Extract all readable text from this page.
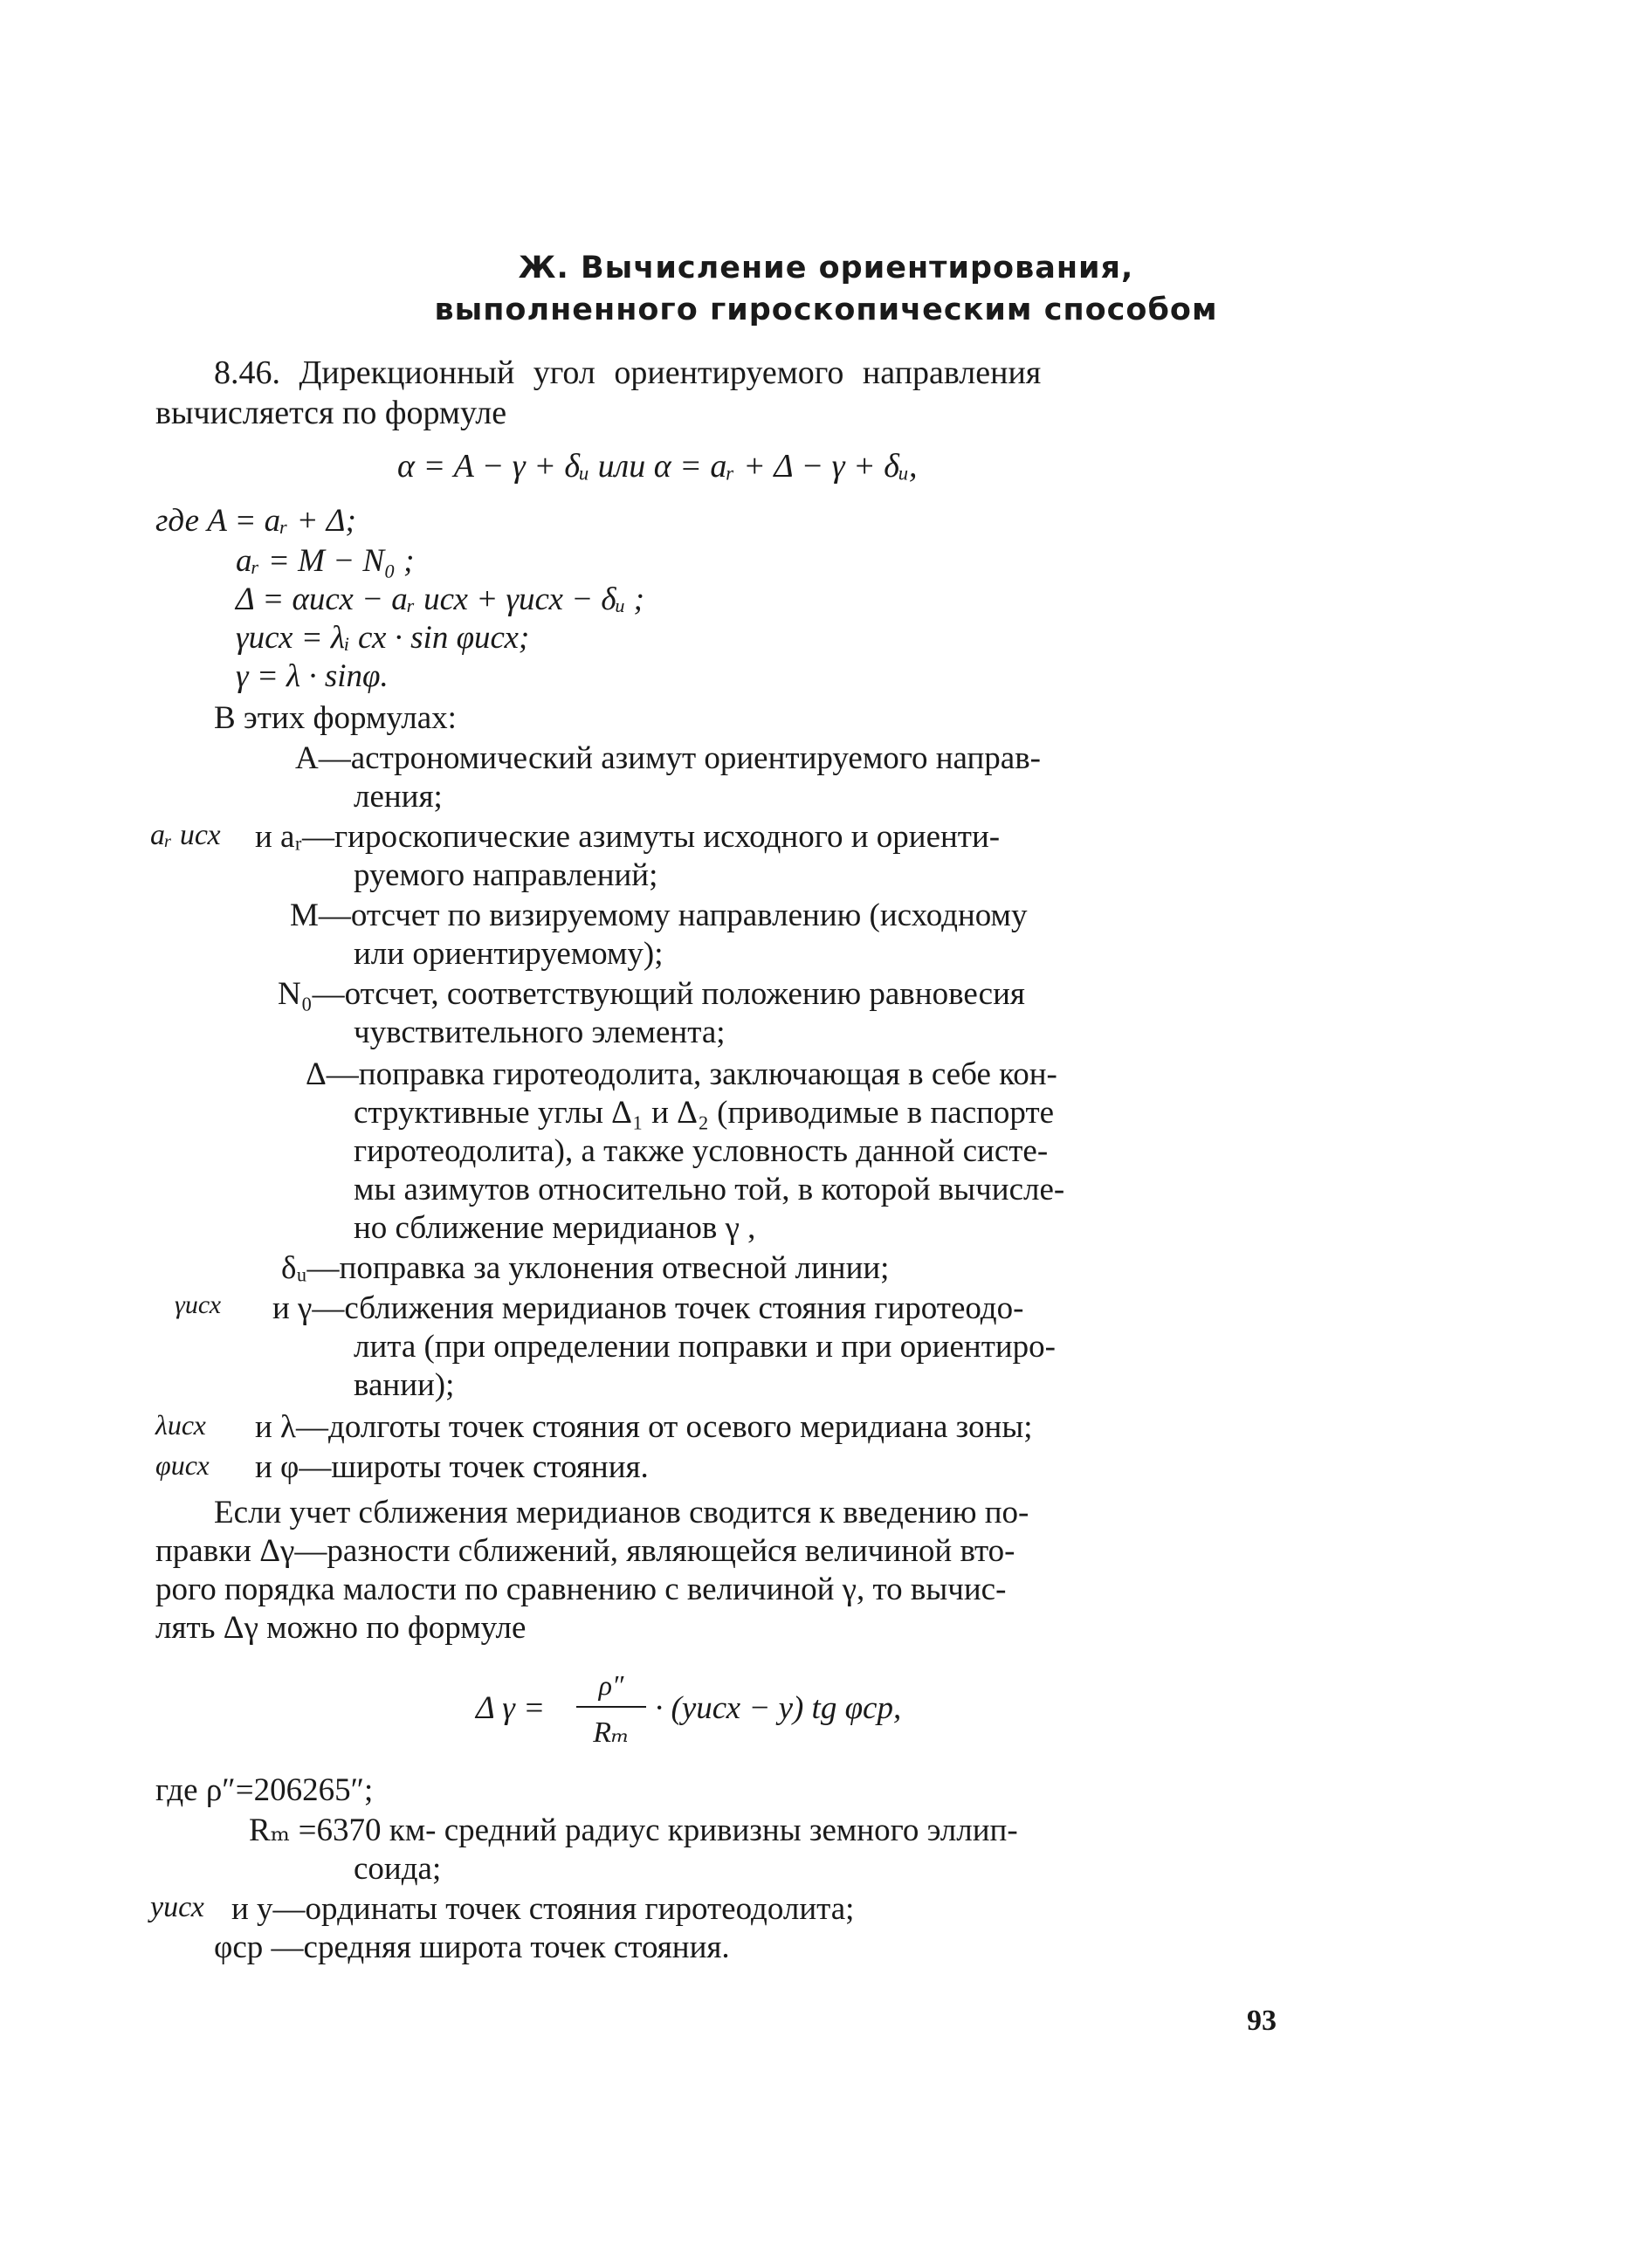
Ж. Вычисление ориентирования,
выполненного гироскопическим способом
8.46. Дирекционный угол ориентируемого направления
вычисляется по формуле
α = A − γ + δᵤ или α = aᵣ + Δ − γ + δᵤ,
где A = aᵣ + Δ;
aᵣ = M − N₀ ;
Δ = αисх − aᵣ исх + γисх − δᵤ ;
γисх = λᵢ сх · sin φисх;
γ = λ · sinφ.
В этих формулах:
A—астрономический азимут ориентируемого направ-
ления;
aᵣ исх и aᵣ—гироскопические азимуты исходного и ориенти-
руемого направлений;
M—отсчет по визируемому направлению (исходному
или ориентируемому);
N₀—отсчет, соответствующий положению равновесия
чувствительного элемента;
Δ—поправка гиротеодолита, заключающая в себе кон-
структивные углы Δ₁ и Δ₂ (приводимые в паспорте
гиротеодолита), а также условность данной систе-
мы азимутов относительно той, в которой вычисле-
но сближение меридианов γ ,
δᵤ—поправка за уклонения отвесной линии;
γисх и γ—сближения меридианов точек стояния гиротеодо-
лита (при определении поправки и при ориентиро-
вании);
λисх и λ—долготы точек стояния от осевого меридиана зоны;
φисх и φ—широты точек стояния.
Если учет сближения меридианов сводится к введению по-
правки Δγ—разности сближений, являющейся величиной вто-
рого порядка малости по сравнению с величиной γ, то вычис-
лять Δγ можно по формуле
Δ γ =
ρ″
Rₘ
· (yисх − y) tg φср,
где ρ″=206265″;
Rₘ =6370 км- средний радиус кривизны земного эллип-
соида;
yисх и y—ординаты точек стояния гиротеодолита;
φср —средняя широта точек стояния.
93
